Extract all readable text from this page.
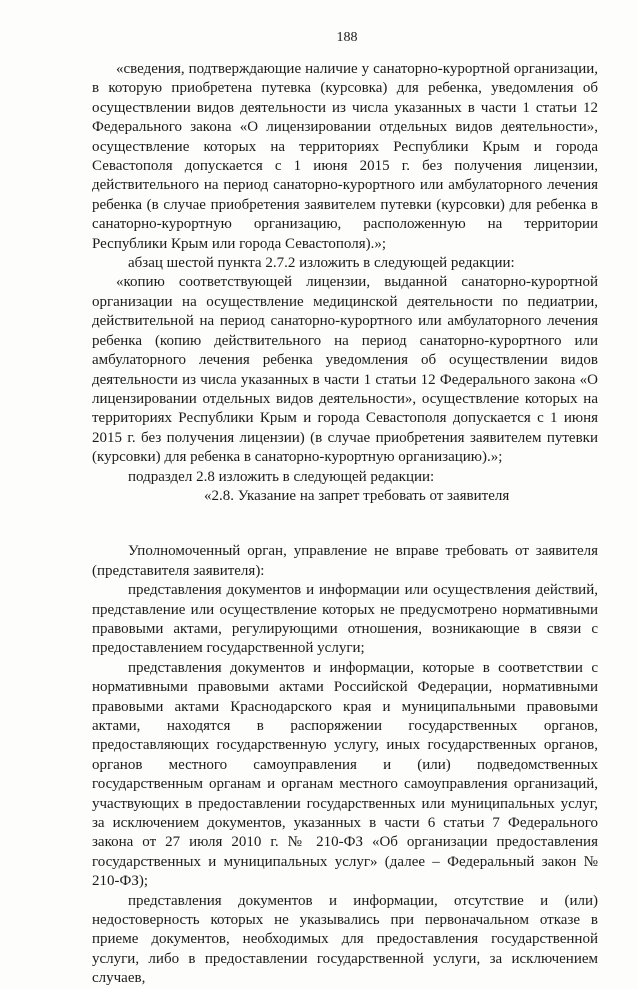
188

«сведения, подтверждающие наличие у санаторно-курортной организации, в которую приобретена путевка (курсовка) для ребенка, уведомления об осуществлении видов деятельности из числа указанных в части 1 статьи 12 Федерального закона «О лицензировании отдельных видов деятельности», осуществление которых на территориях Республики Крым и города Севастополя допускается с 1 июня 2015 г. без получения лицензии, действительного на период санаторно-курортного или амбулаторного лечения ребенка (в случае приобретения заявителем путевки (курсовки) для ребенка в санаторно-курортную организацию, расположенную на территории Республики Крым или города Севастополя).»;

абзац шестой пункта 2.7.2 изложить в следующей редакции:

«копию соответствующей лицензии, выданной санаторно-курортной организации на осуществление медицинской деятельности по педиатрии, действительной на период санаторно-курортного или амбулаторного лечения ребенка (копию действительного на период санаторно-курортного или амбулаторного лечения ребенка уведомления об осуществлении видов деятельности из числа указанных в части 1 статьи 12 Федерального закона «О лицензировании отдельных видов деятельности», осуществление которых на территориях Республики Крым и города Севастополя допускается с 1 июня 2015 г. без получения лицензии) (в случае приобретения заявителем путевки (курсовки) для ребенка в санаторно-курортную организацию).»;

подраздел 2.8 изложить в следующей редакции:

«2.8. Указание на запрет требовать от заявителя

Уполномоченный орган, управление не вправе требовать от заявителя (представителя заявителя):

представления документов и информации или осуществления действий, представление или осуществление которых не предусмотрено нормативными правовыми актами, регулирующими отношения, возникающие в связи с предоставлением государственной услуги;

представления документов и информации, которые в соответствии с нормативными правовыми актами Российской Федерации, нормативными правовыми актами Краснодарского края и муниципальными правовыми актами, находятся в распоряжении государственных органов, предоставляющих государственную услугу, иных государственных органов, органов местного самоуправления и (или) подведомственных государственным органам и органам местного самоуправления организаций, участвующих в предоставлении государственных или муниципальных услуг, за исключением документов, указанных в части 6 статьи 7 Федерального закона от 27 июля 2010 г. № 210-ФЗ «Об организации предоставления государственных и муниципальных услуг» (далее – Федеральный закон № 210-ФЗ);

представления документов и информации, отсутствие и (или) недостоверность которых не указывались при первоначальном отказе в приеме документов, необходимых для предоставления государственной услуги, либо в предоставлении государственной услуги, за исключением случаев,
